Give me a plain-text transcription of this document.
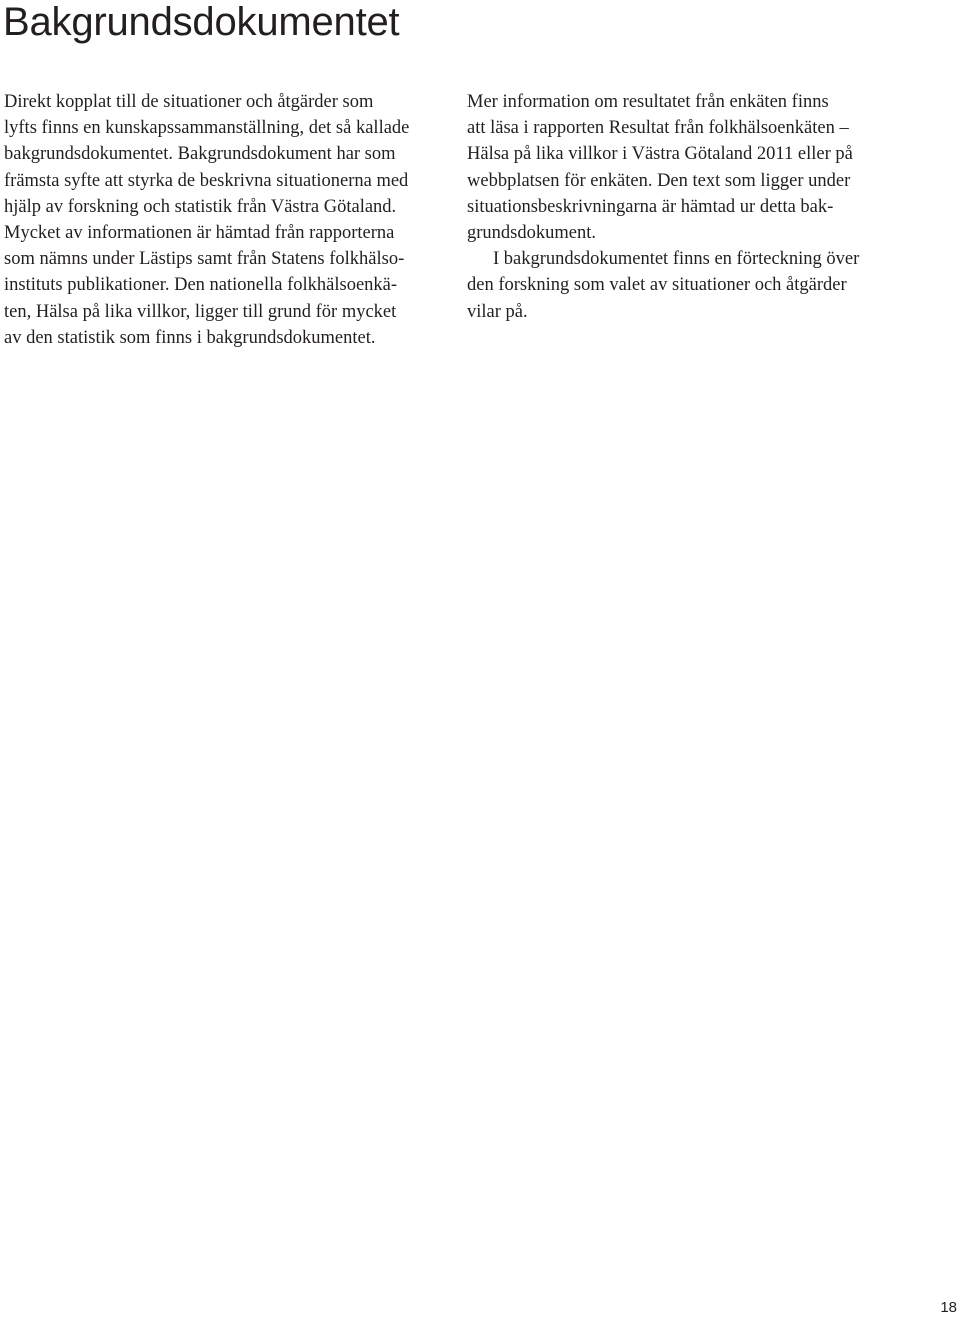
Bakgrundsdokumentet

Direkt kopplat till de situationer och åtgärder som
lyfts finns en kunskapssammanställning, det så kallade
bakgrundsdokumentet. Bakgrundsdokument har som
främsta syfte att styrka de beskrivna situationerna med
hjälp av forskning och statistik från Västra Götaland.
Mycket av informationen är hämtad från rapporterna
som nämns under Lästips samt från Statens folkhälso-
instituts publikationer. Den nationella folkhälsoenkä-
ten, Hälsa på lika villkor, ligger till grund för mycket
av den statistik som finns i bakgrundsdokumentet.

Mer information om resultatet från enkäten finns
att läsa i rapporten Resultat från folkhälsoenkäten –
Hälsa på lika villkor i Västra Götaland 2011 eller på
webbplatsen för enkäten. Den text som ligger under
situationsbeskrivningarna är hämtad ur detta bak-
grundsdokument.

I bakgrundsdokumentet finns en förteckning över
den forskning som valet av situationer och åtgärder
vilar på.

18
